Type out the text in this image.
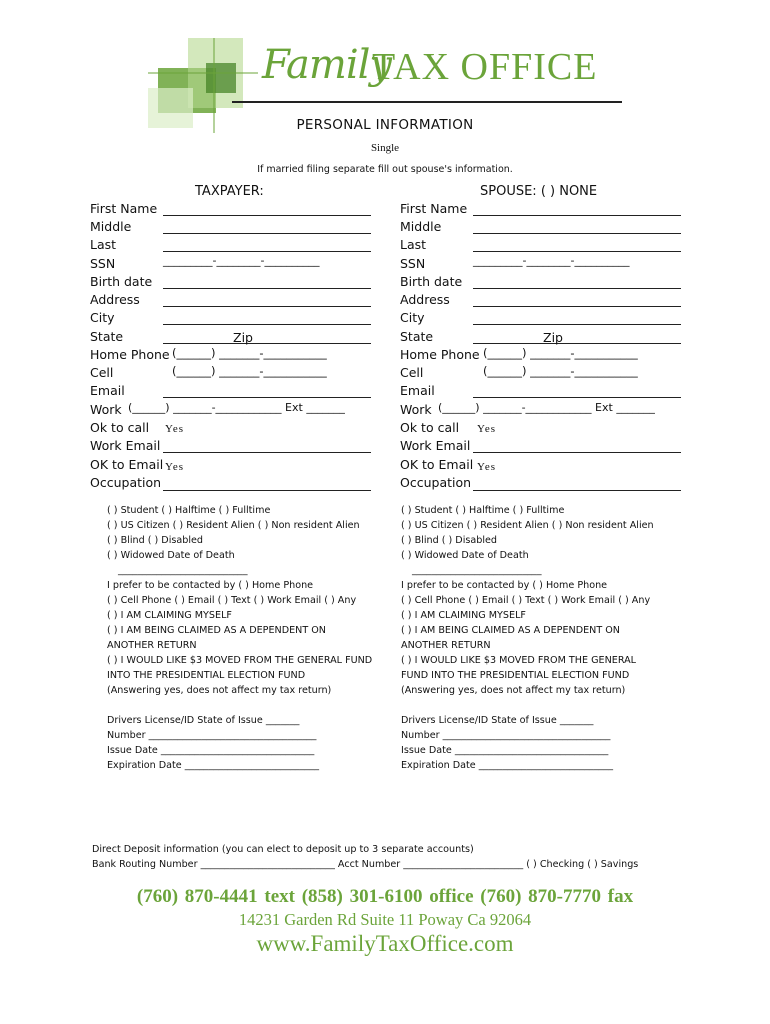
Family
TAX OFFICE
PERSONAL INFORMATION
Single
If married filing separate fill out spouse's information.
TAXPAYER:
First Name
Middle
Last
SSN	_________-________-__________
Birth date
Address
City
State	Zip
Home Phone (______) _______-___________
Cell	(______) _______-___________
Email
Work (______) _______-____________ Ext _______
Ok to call Yes
Work Email
OK to Email Yes
Occupation
( ) Student ( ) Halftime ( ) Fulltime
( ) US Citizen ( ) Resident Alien ( ) Non resident Alien
( ) Blind ( ) Disabled
( ) Widowed Date of Death
___________________________
I prefer to be contacted by ( ) Home Phone
( ) Cell Phone ( ) Email ( ) Text ( ) Work Email ( ) Any
( ) I AM CLAIMING MYSELF
( ) I AM BEING CLAIMED AS A DEPENDENT ON
ANOTHER RETURN
( ) I WOULD LIKE $3 MOVED FROM THE GENERAL FUND
INTO THE PRESIDENTIAL ELECTION FUND
(Answering yes, does not affect my tax return)
Drivers License/ID State of Issue _______
Number ___________________________________
Issue Date ________________________________
Expiration Date ____________________________
SPOUSE: ( ) NONE
First Name
Middle
Last
SSN	_________-________-__________
Birth date
Address
City
State	Zip
Home Phone (______) _______-___________
Cell	(______) _______-___________
Email
Work (______) _______-____________ Ext _______
Ok to call Yes
Work Email
OK to Email Yes
Occupation
( ) Student ( ) Halftime ( ) Fulltime
( ) US Citizen ( ) Resident Alien ( ) Non resident Alien
( ) Blind ( ) Disabled
( ) Widowed Date of Death
___________________________
I prefer to be contacted by ( ) Home Phone
( ) Cell Phone ( ) Email ( ) Text ( ) Work Email ( ) Any
( ) I AM CLAIMING MYSELF
( ) I AM BEING CLAIMED AS A DEPENDENT ON
ANOTHER RETURN
( ) I WOULD LIKE $3 MOVED FROM THE GENERAL
FUND INTO THE PRESIDENTIAL ELECTION FUND
(Answering yes, does not affect my tax return)
Drivers License/ID State of Issue _______
Number ___________________________________
Issue Date ________________________________
Expiration Date ____________________________
Direct Deposit information (you can elect to deposit up to 3 separate accounts)
Bank Routing Number ____________________________ Acct Number _________________________ ( ) Checking ( ) Savings
(760) 870-4441 text (858) 301-6100 office (760) 870-7770 fax
14231 Garden Rd Suite 11 Poway Ca 92064
www.FamilyTaxOffice.com
